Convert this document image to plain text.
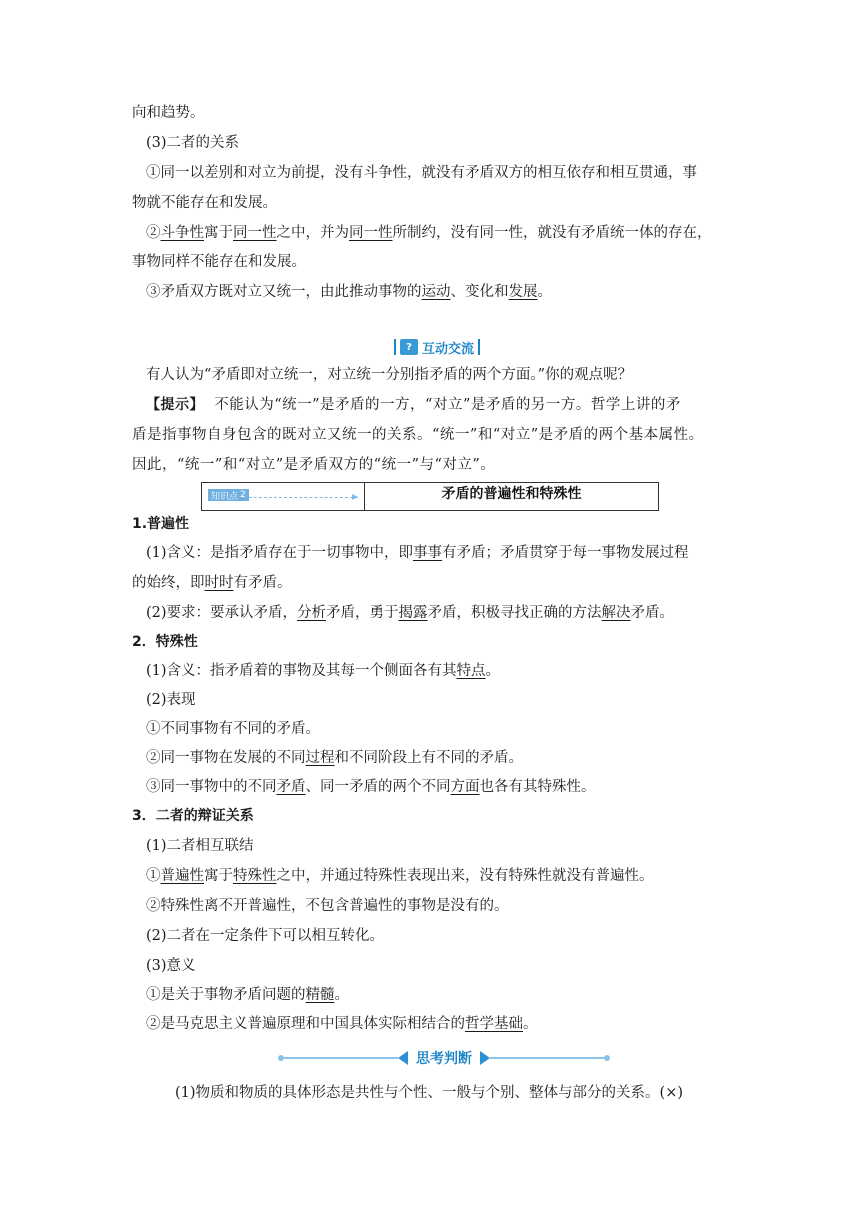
向和趋势。
(3)二者的关系
①同一以差别和对立为前提，没有斗争性，就没有矛盾双方的相互依存和相互贯通，事
物就不能存在和发展。
②斗争性寓于同一性之中，并为同一性所制约，没有同一性，就没有矛盾统一体的存在，
事物同样不能存在和发展。
③矛盾双方既对立又统一，由此推动事物的运动、变化和发展。
? 互动交流
有人认为“矛盾即对立统一，对立统一分别指矛盾的两个方面。”你的观点呢？
【提示】 不能认为“统一”是矛盾的一方，“对立”是矛盾的另一方。哲学上讲的矛
盾是指事物自身包含的既对立又统一的关系。“统一”和“对立”是矛盾的两个基本属性。
因此，“统一”和“对立”是矛盾双方的“统一”与“对立”。
知识点 2	矛盾的普遍性和特殊性
1.普遍性
(1)含义：是指矛盾存在于一切事物中，即事事有矛盾；矛盾贯穿于每一事物发展过程
的始终，即时时有矛盾。
(2)要求：要承认矛盾，分析矛盾，勇于揭露矛盾，积极寻找正确的方法解决矛盾。
2．特殊性
(1)含义：指矛盾着的事物及其每一个侧面各有其特点。
(2)表现
①不同事物有不同的矛盾。
②同一事物在发展的不同过程和不同阶段上有不同的矛盾。
③同一事物中的不同矛盾、同一矛盾的两个不同方面也各有其特殊性。
3．二者的辩证关系
(1)二者相互联结
①普遍性寓于特殊性之中，并通过特殊性表现出来，没有特殊性就没有普遍性。
②特殊性离不开普遍性，不包含普遍性的事物是没有的。
(2)二者在一定条件下可以相互转化。
(3)意义
①是关于事物矛盾问题的精髓。
②是马克思主义普遍原理和中国具体实际相结合的哲学基础。
思考判断
(1)物质和物质的具体形态是共性与个性、一般与个别、整体与部分的关系。(×)
